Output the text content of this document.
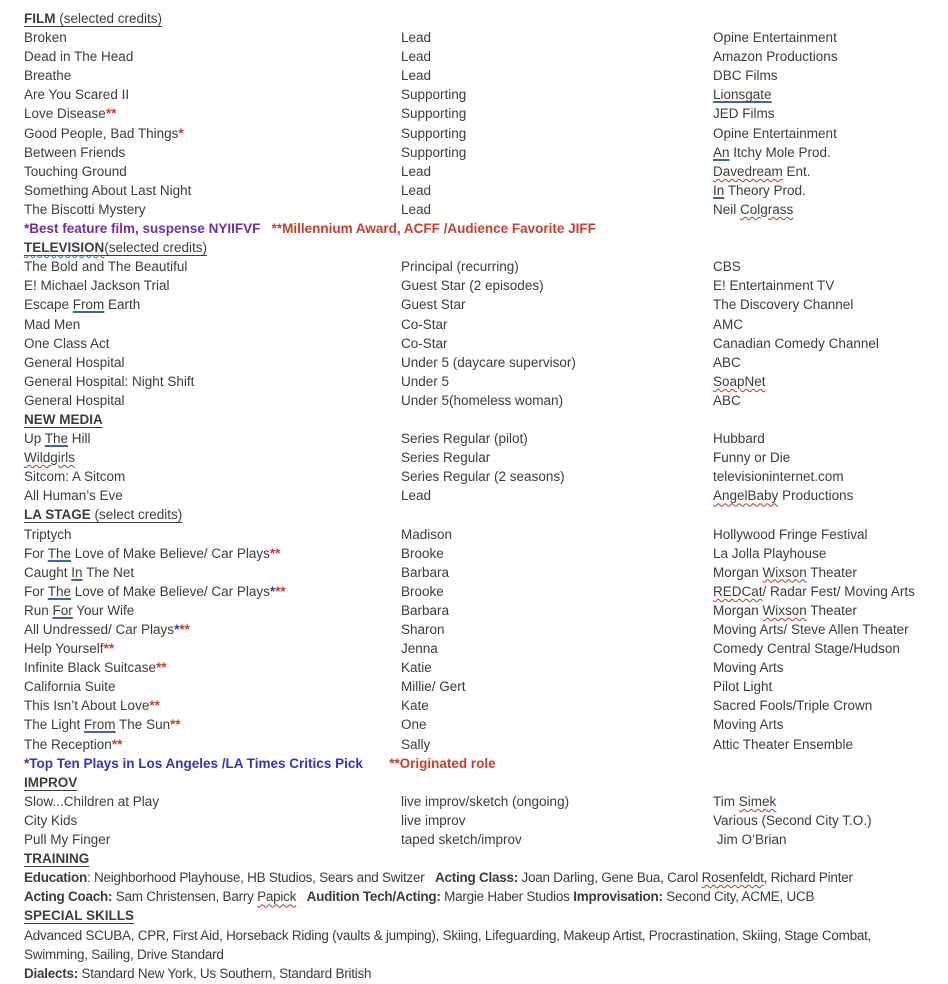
FILM (selected credits)
Broken	Lead	Opine Entertainment
Dead in The Head	Lead	Amazon Productions
Breathe	Lead	DBC Films
Are You Scared II	Supporting	Lionsgate
Love Disease**	Supporting	JED Films
Good People, Bad Things*	Supporting	Opine Entertainment
Between Friends	Supporting	An Itchy Mole Prod.
Touching Ground	Lead	Davedream Ent.
Something About Last Night	Lead	In Theory Prod.
The Biscotti Mystery	Lead	Neil Colgrass
*Best feature film, suspense NYIIFVF **Millennium Award, ACFF /Audience Favorite JIFF
TELEVISION(selected credits)
The Bold and The Beautiful	Principal (recurring)	CBS
E! Michael Jackson Trial	Guest Star (2 episodes)	E! Entertainment TV
Escape From Earth	Guest Star	The Discovery Channel
Mad Men	Co-Star	AMC
One Class Act	Co-Star	Canadian Comedy Channel
General Hospital	Under 5 (daycare supervisor)	ABC
General Hospital: Night Shift	Under 5	SoapNet
General Hospital	Under 5(homeless woman)	ABC
NEW MEDIA
Up The Hill	Series Regular (pilot)	Hubbard
Wildgirls	Series Regular	Funny or Die
Sitcom: A Sitcom	Series Regular (2 seasons)	televisioninternet.com
All Human’s Eve	Lead	AngelBaby Productions
LA STAGE (select credits)
Triptych	Madison	Hollywood Fringe Festival
For The Love of Make Believe/ Car Plays**	Brooke	La Jolla Playhouse
Caught In The Net	Barbara	Morgan Wixson Theater
For The Love of Make Believe/ Car Plays***	Brooke	REDCat/ Radar Fest/ Moving Arts
Run For Your Wife	Barbara	Morgan Wixson Theater
All Undressed/ Car Plays***	Sharon	Moving Arts/ Steve Allen Theater
Help Yourself**	Jenna	Comedy Central Stage/Hudson
Infinite Black Suitcase**	Katie	Moving Arts
California Suite	Millie/ Gert	Pilot Light
This Isn’t About Love**	Kate	Sacred Fools/Triple Crown
The Light From The Sun**	One	Moving Arts
The Reception**	Sally	Attic Theater Ensemble
*Top Ten Plays in Los Angeles /LA Times Critics Pick **Originated role
IMPROV
Slow...Children at Play	live improv/sketch (ongoing)	Tim Simek
City Kids	live improv	Various (Second City T.O.)
Pull My Finger	taped sketch/improv	Jim O’Brian
TRAINING
Education: Neighborhood Playhouse, HB Studios, Sears and Switzer   Acting Class: Joan Darling, Gene Bua, Carol Rosenfeldt, Richard Pinter
Acting Coach: Sam Christensen, Barry Papick Audition Tech/Acting: Margie Haber Studios Improvisation: Second City, ACME, UCB
SPECIAL SKILLS
Advanced SCUBA, CPR, First Aid, Horseback Riding (vaults & jumping), Skiing, Lifeguarding, Makeup Artist, Procrastination, Skiing, Stage Combat, Swimming, Sailing, Drive Standard
Dialects: Standard New York, Us Southern, Standard British
